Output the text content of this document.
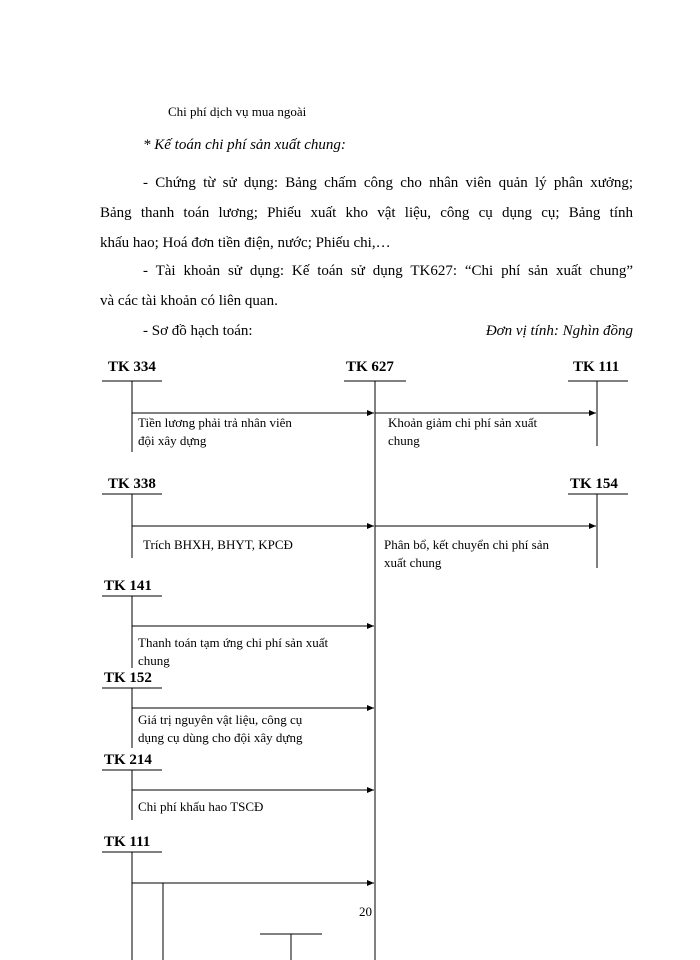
Chi phí dịch vụ mua ngoài
* Kế toán chi phí sản xuất chung:
- Chứng từ sử dụng: Bảng chấm công cho nhân viên quản lý phân xưởng;
Bảng thanh toán lương; Phiếu xuất kho vật liệu, công cụ dụng cụ; Bảng tính
khấu hao; Hoá đơn tiền điện, nước; Phiếu chi,…
- Tài khoản sử dụng: Kế toán sử dụng TK627: “Chi phí sản xuất chung”
và các tài khoản có liên quan.
- Sơ đồ hạch toán:	Đơn vị tính: Nghìn đồng
TK 334	TK 627	TK 111
TK 338	TK 154
TK 141
TK 152
TK 214
TK 111
Tiền lương phải trả nhân viên
đội xây dựng
Khoản giảm chi phí sản xuất
chung
Trích BHXH, BHYT, KPCĐ	Phân bổ, kết chuyển chi phí sản
xuất chung
Thanh toán tạm ứng chi phí sản xuất
chung
Giá trị nguyên vật liệu, công cụ
dụng cụ dùng cho đội xây dựng
Chi phí khấu hao TSCĐ
20
